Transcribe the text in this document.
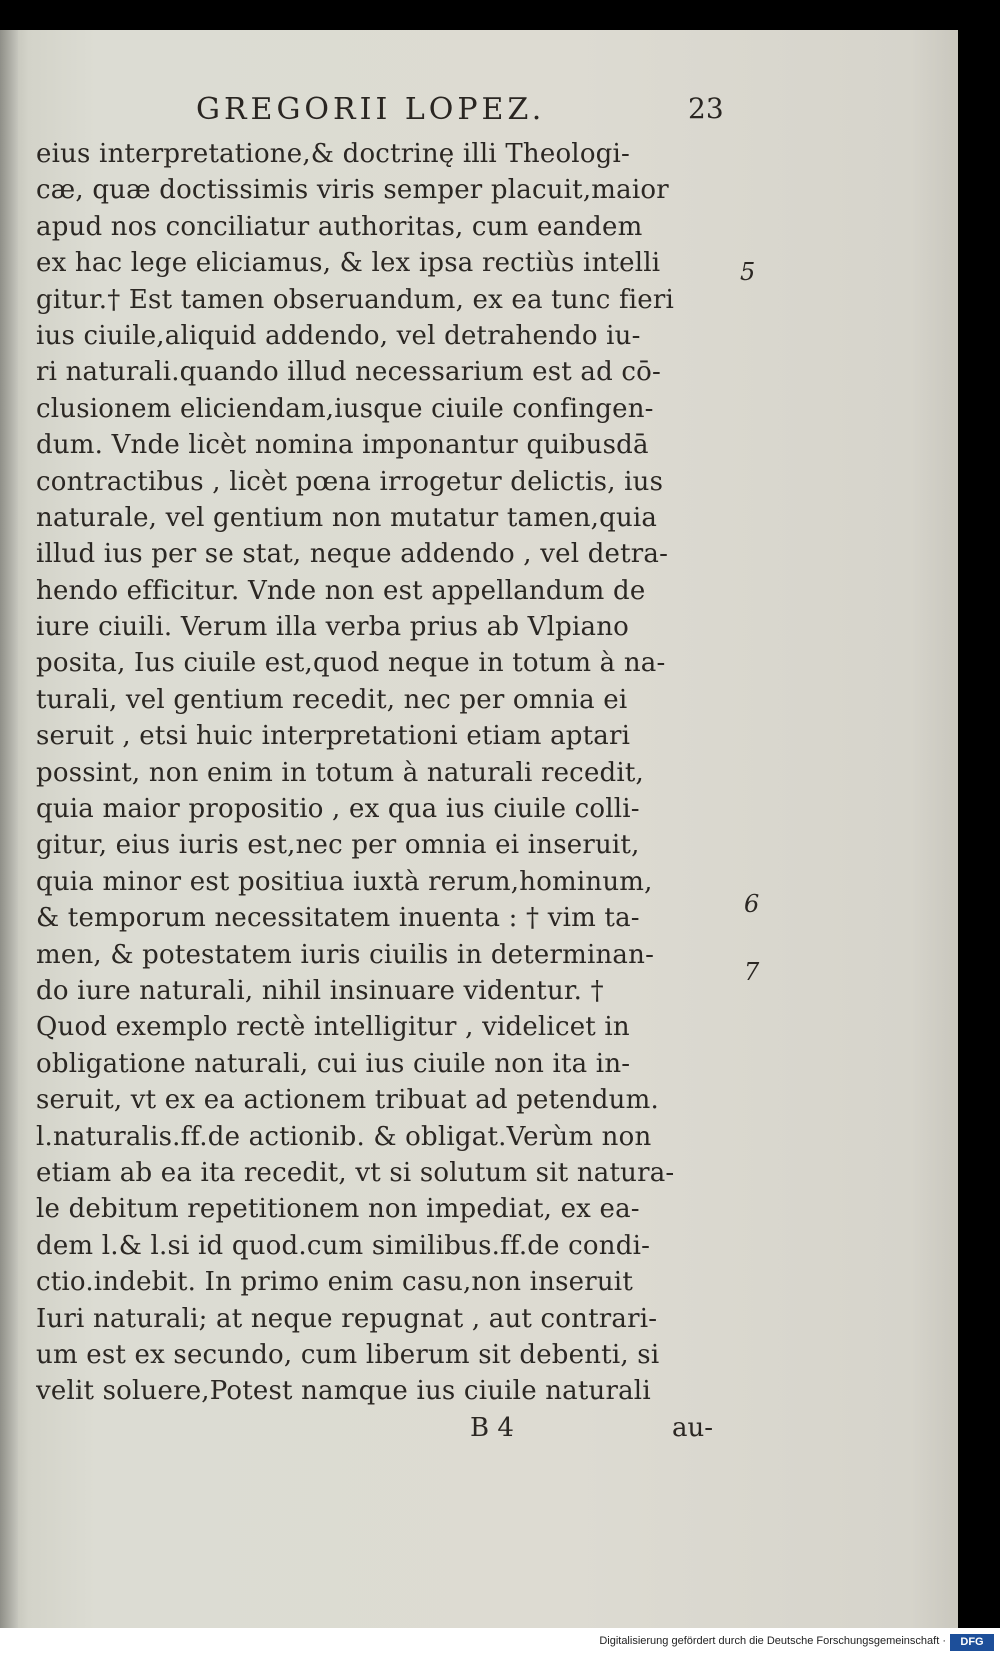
GREGORII LOPEZ.	23
eius interpretatione,& doctrinę illi Theologi-
cæ, quæ doctissimis viris semper placuit,maior
apud nos conciliatur authoritas, cum eandem
ex hac lege eliciamus, & lex ipsa rectiùs intelli
gitur.† Est tamen obseruandum, ex ea tunc fieri
ius ciuile,aliquid addendo, vel detrahendo iu-
ri naturali.quando illud necessarium est ad cō-
clusionem eliciendam,iusque ciuile confingen-
dum. Vnde licèt nomina imponantur quibusdā
contractibus , licèt pœna irrogetur delictis, ius
naturale, vel gentium non mutatur tamen,quia
illud ius per se stat, neque addendo , vel detra-
hendo efficitur. Vnde non est appellandum de
iure ciuili. Verum illa verba prius ab Vlpiano
posita, Ius ciuile est,quod neque in totum à na-
turali, vel gentium recedit, nec per omnia ei
seruit , etsi huic interpretationi etiam aptari
possint, non enim in totum à naturali recedit,
quia maior propositio , ex qua ius ciuile colli-
gitur, eius iuris est,nec per omnia ei inseruit,
quia minor est positiua iuxtà rerum,hominum,
& temporum necessitatem inuenta : † vim ta-
men, & potestatem iuris ciuilis in determinan-
do iure naturali, nihil insinuare videntur. †
Quod exemplo rectè intelligitur , videlicet in
obligatione naturali, cui ius ciuile non ita in-
seruit, vt ex ea actionem tribuat ad petendum.
l.naturalis.ff.de actionib. & obligat.Verùm non
etiam ab ea ita recedit, vt si solutum sit natura-
le debitum repetitionem non impediat, ex ea-
dem l.& l.si id quod.cum similibus.ff.de condi-
ctio.indebit. In primo enim casu,non inseruit
Iuri naturali; at neque repugnat , aut contrari-
um est ex secundo, cum liberum sit debenti, si
velit soluere,Potest namque ius ciuile naturali
5
6
7
B 4	au-
Digitalisierung gefördert durch die Deutsche Forschungsgemeinschaft ·	DFG
